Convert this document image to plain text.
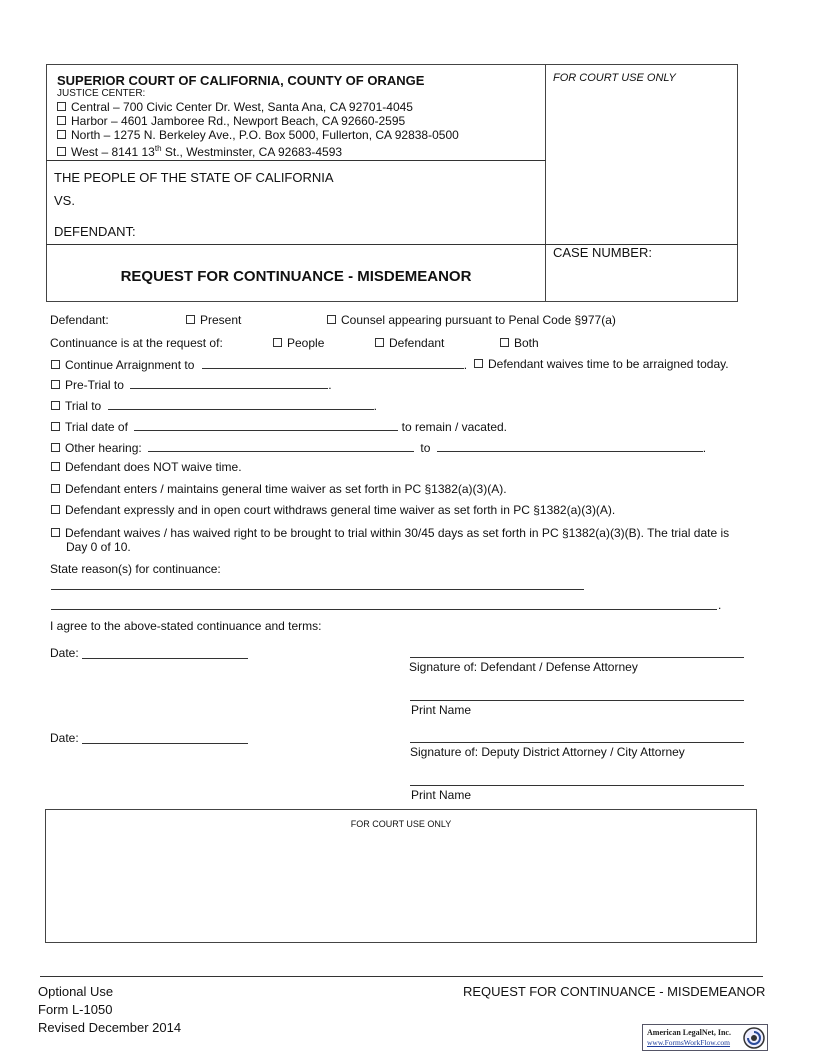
SUPERIOR COURT OF CALIFORNIA, COUNTY OF ORANGE
JUSTICE CENTER:
Central – 700 Civic Center Dr. West, Santa Ana, CA 92701-4045
Harbor – 4601 Jamboree Rd., Newport Beach, CA 92660-2595
North – 1275 N. Berkeley Ave., P.O. Box 5000, Fullerton, CA 92838-0500
West – 8141 13th St., Westminster, CA 92683-4593
FOR COURT USE ONLY
THE PEOPLE OF THE STATE OF CALIFORNIA
VS.
DEFENDANT:
REQUEST FOR CONTINUANCE - MISDEMEANOR
CASE NUMBER:
Defendant:	Present	Counsel appearing pursuant to Penal Code §977(a)
Continuance is at the request of:	People	Defendant	Both
Continue Arraignment to	.	Defendant waives time to be arraigned today.
Pre-Trial to	.
Trial to	.
Trial date of	to remain / vacated.
Other hearing:	to	.
Defendant does NOT waive time.
Defendant enters / maintains general time waiver as set forth in PC §1382(a)(3)(A).
Defendant expressly and in open court withdraws general time waiver as set forth in PC §1382(a)(3)(A).
Defendant waives / has waived right to be brought to trial within 30/45 days as set forth in PC §1382(a)(3)(B). The trial date is
Day 0 of 10.
State reason(s) for continuance:
.
I agree to the above-stated continuance and terms:
Date:
Signature of: Defendant / Defense Attorney
Print Name
Date:
Signature of: Deputy District Attorney / City Attorney
Print Name
FOR COURT USE ONLY
Optional Use
Form L-1050
Revised December 2014
REQUEST FOR CONTINUANCE - MISDEMEANOR
American LegalNet, Inc.
www.FormsWorkFlow.com
